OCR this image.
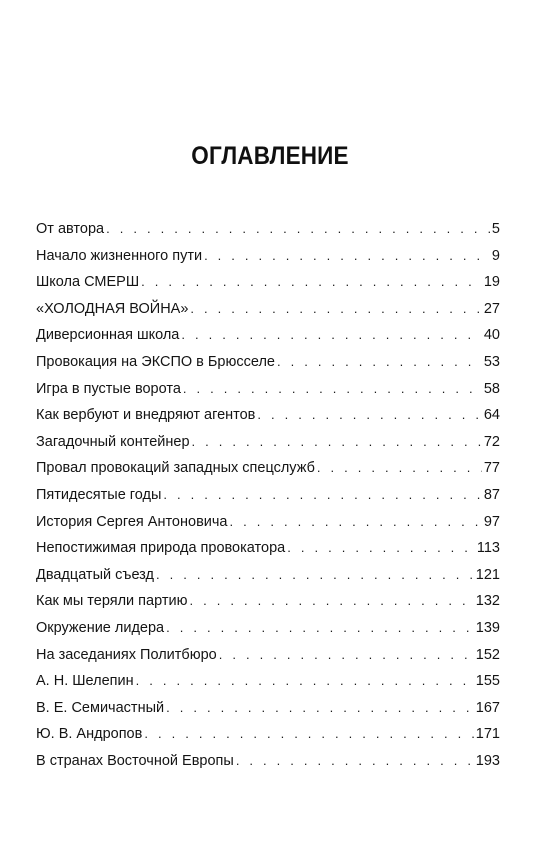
ОГЛАВЛЕНИЕ
От автора . . .	5
Начало жизненного пути . . .	9
Школа СМЕРШ . . .	19
«ХОЛОДНАЯ ВОЙНА» . . .	27
Диверсионная школа . . .	40
Провокация на ЭКСПО в Брюсселе . . .	53
Игра в пустые ворота . . .	58
Как вербуют и внедряют агентов . . .	64
Загадочный контейнер . . .	72
Провал провокаций западных спецслужб . . .	77
Пятидесятые годы . . .	87
История Сергея Антоновича . . .	97
Непостижимая природа провокатора . . .	113
Двадцатый съезд . . .	121
Как мы теряли партию . . .	132
Окружение лидера . . .	139
На заседаниях Политбюро . . .	152
А. Н. Шелепин . . .	155
В. Е. Семичастный . . .	167
Ю. В. Андропов . . .	171
В странах Восточной Европы . . .	193
